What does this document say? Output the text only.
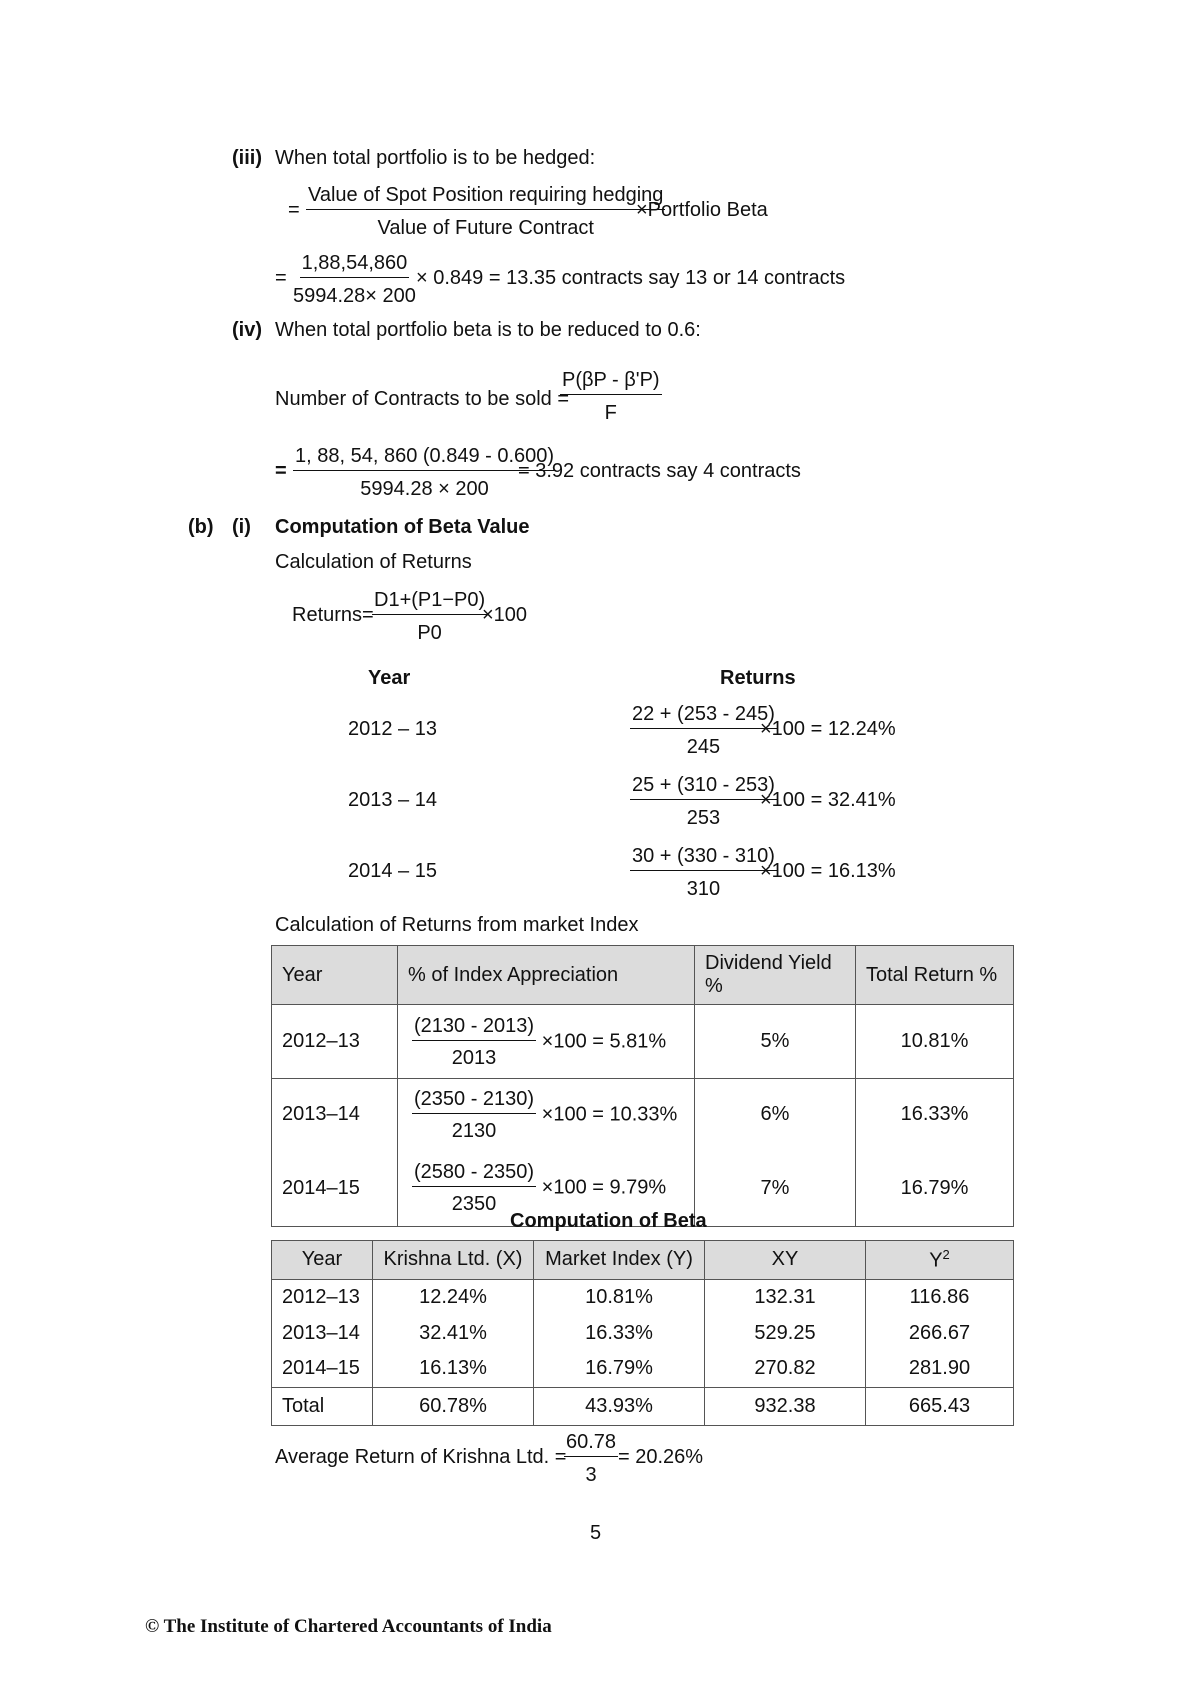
(iii) When total portfolio is to be hedged:
=
Value of Spot Position requiring hedging
Value of Future Contract
×Portfolio Beta
= $\frac{1,88,54,860}{5994.28\times 200} \times 0.849 = 13.35$ contracts say 13 or 14 contracts
(iv) When total portfolio beta is to be reduced to 0.6:
Number of Contracts to be sold =
$\frac{P(\beta P - \beta'P)}{F}$
= $\frac{1, 88, 54, 860 (0.849 - 0.600)}{5994.28 \times 200}$
= 3.92 contracts say 4 contracts
(b) (i) Computation of Beta Value
Calculation of Returns
Returns=
$\frac{D1+(P1-P0)}{P0}$
×100
Year	Returns
2012 – 13	$\frac{22 + (253 - 245)}{245}$
×100 = 12.24%
2013 – 14	$\frac{25 + (310 - 253)}{253}$
×100 = 32.41%
2014 – 15	$\frac{30 + (330 - 310)}{310}$
×100 = 16.13%
Calculation of Returns from market Index
Year	% of Index Appreciation	Dividend Yield %	Total Return %
2012–13	$\frac{(2130 - 2013)}{2013} \times 100 = 5.81\%$	5%	10.81%
2013–14	$\frac{(2350 - 2130)}{2130} \times 100 = 10.33\%$	6%	16.33%
2014–15	$\frac{(2580 - 2350)}{2350} \times 100 = 9.79\%$	7%	16.79%
Computation of Beta
Year	Krishna Ltd. (X)	Market Index (Y)	XY	$Y^2$
2012–13	12.24%	10.81%	132.31	116.86
2013–14	32.41%	16.33%	529.25	266.67
2014–15	16.13%	16.79%	270.82	281.90
Total	60.78%	43.93%	932.38	665.43
Average Return of Krishna Ltd. =
$\frac{60.78}{3} = 20.26\%$
5
© The Institute of Chartered Accountants of India
